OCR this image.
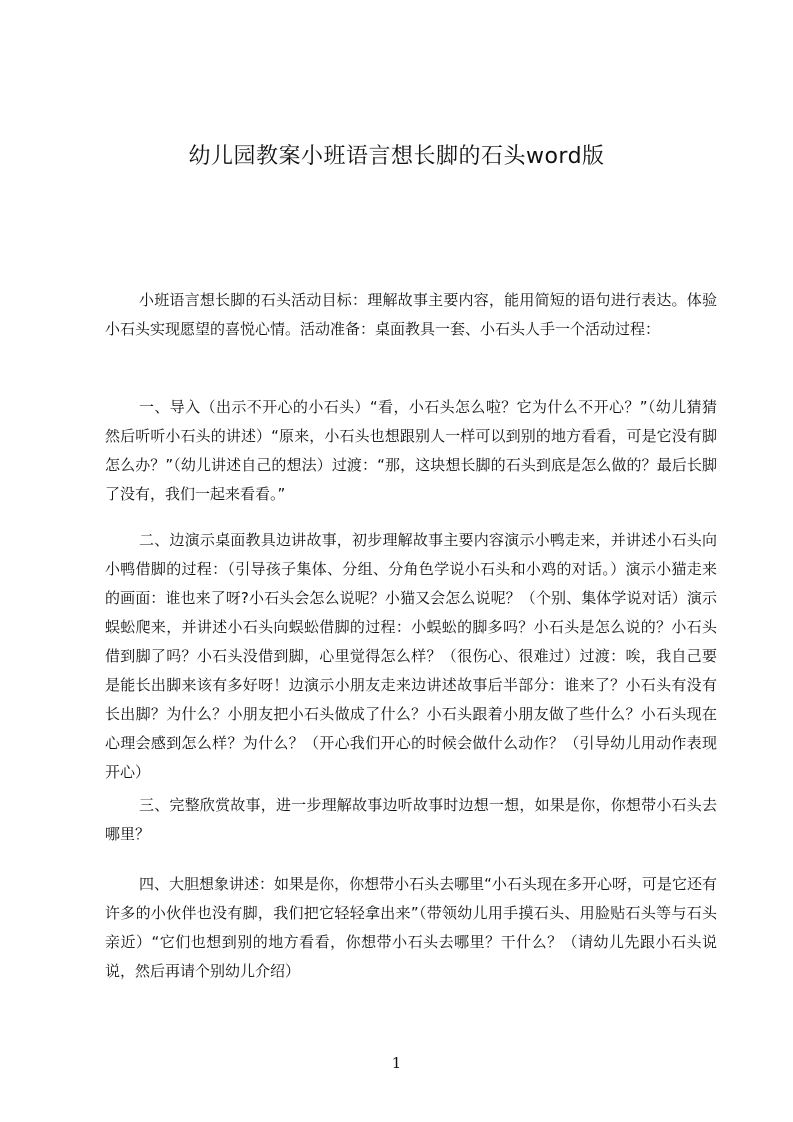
幼儿园教案小班语言想长脚的石头word版

小班语言想长脚的石头活动目标：理解故事主要内容，能用简短的语句进行表达。体验小石头实现愿望的喜悦心情。活动准备：桌面教具一套、小石头人手一个活动过程：

一、导入（出示不开心的小石头）“看，小石头怎么啦？它为什么不开心？”（幼儿猜猜然后听听小石头的讲述）“原来，小石头也想跟别人一样可以到别的地方看看，可是它没有脚怎么办？”（幼儿讲述自己的想法）过渡：“那，这块想长脚的石头到底是怎么做的？最后长脚了没有，我们一起来看看。”

二、边演示桌面教具边讲故事，初步理解故事主要内容演示小鸭走来，并讲述小石头向小鸭借脚的过程：（引导孩子集体、分组、分角色学说小石头和小鸡的对话。）演示小猫走来的画面：谁也来了呀?小石头会怎么说呢？小猫又会怎么说呢？（个别、集体学说对话）演示蜈蚣爬来，并讲述小石头向蜈蚣借脚的过程：小蜈蚣的脚多吗？小石头是怎么说的？小石头借到脚了吗？小石头没借到脚，心里觉得怎么样？（很伤心、很难过）过渡：唉，我自己要是能长出脚来该有多好呀！边演示小朋友走来边讲述故事后半部分：谁来了？小石头有没有长出脚？为什么？小朋友把小石头做成了什么？小石头跟着小朋友做了些什么？小石头现在心理会感到怎么样？为什么？（开心我们开心的时候会做什么动作？（引导幼儿用动作表现开心）

三、完整欣赏故事，进一步理解故事边听故事时边想一想，如果是你，你想带小石头去哪里？

四、大胆想象讲述：如果是你，你想带小石头去哪里“小石头现在多开心呀，可是它还有许多的小伙伴也没有脚，我们把它轻轻拿出来”（带领幼儿用手摸石头、用脸贴石头等与石头亲近）“它们也想到别的地方看看，你想带小石头去哪里？干什么？（请幼儿先跟小石头说说，然后再请个别幼儿介绍）

1
